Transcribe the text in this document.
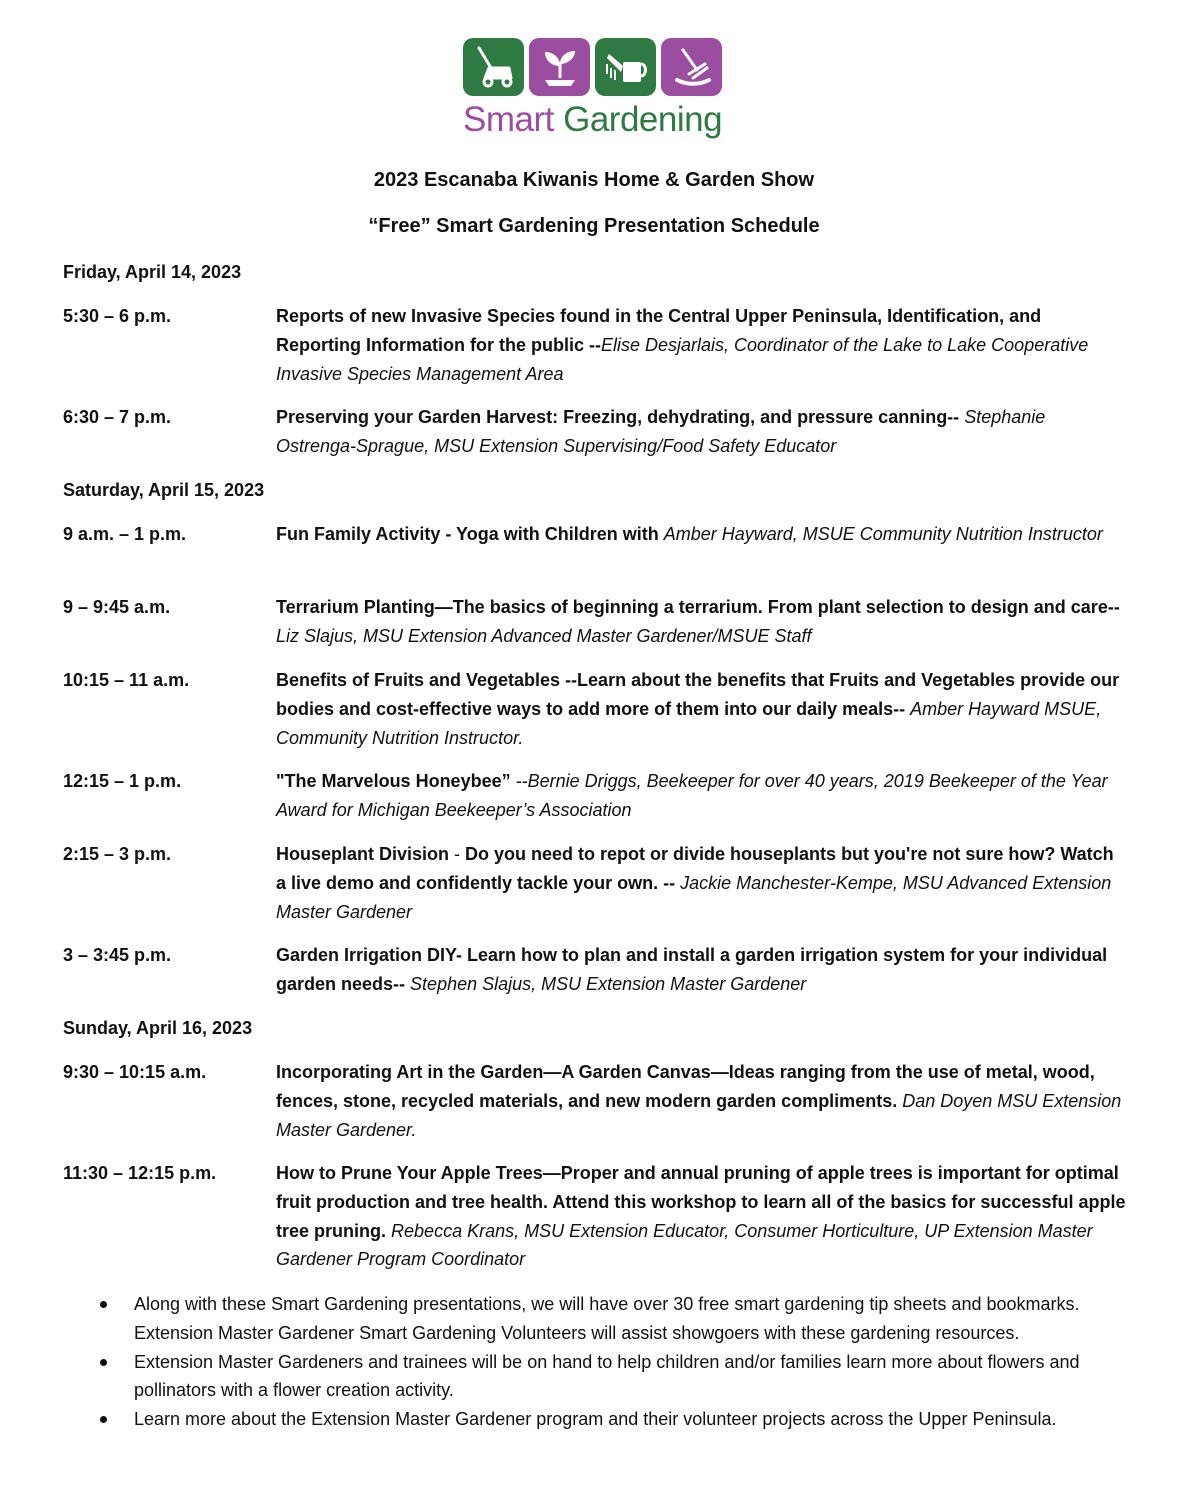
Smart Gardening
2023 Escanaba Kiwanis Home & Garden Show
“Free” Smart Gardening Presentation Schedule
Friday, April 14, 2023
5:30 – 6 p.m.	Reports of new Invasive Species found in the Central Upper Peninsula, Identification, and Reporting Information for the public --Elise Desjarlais, Coordinator of the Lake to Lake Cooperative Invasive Species Management Area
6:30 – 7 p.m.	Preserving your Garden Harvest: Freezing, dehydrating, and pressure canning-- Stephanie Ostrenga-Sprague, MSU Extension Supervising/Food Safety Educator
Saturday, April 15, 2023
9 a.m. – 1 p.m.	Fun Family Activity - Yoga with Children with Amber Hayward, MSUE Community Nutrition Instructor
9 – 9:45 a.m.	Terrarium Planting—The basics of beginning a terrarium. From plant selection to design and care-- Liz Slajus, MSU Extension Advanced Master Gardener/MSUE Staff
10:15 – 11 a.m.	Benefits of Fruits and Vegetables --Learn about the benefits that Fruits and Vegetables provide our bodies and cost-effective ways to add more of them into our daily meals-- Amber Hayward MSUE, Community Nutrition Instructor.
12:15 – 1 p.m.	"The Marvelous Honeybee” --Bernie Driggs, Beekeeper for over 40 years, 2019 Beekeeper of the Year Award for Michigan Beekeeper’s Association
2:15 – 3 p.m.	Houseplant Division - Do you need to repot or divide houseplants but you're not sure how? Watch a live demo and confidently tackle your own. -- Jackie Manchester-Kempe, MSU Advanced Extension Master Gardener
3 – 3:45 p.m.	Garden Irrigation DIY- Learn how to plan and install a garden irrigation system for your individual garden needs-- Stephen Slajus, MSU Extension Master Gardener
Sunday, April 16, 2023
9:30 – 10:15 a.m.	Incorporating Art in the Garden—A Garden Canvas—Ideas ranging from the use of metal, wood, fences, stone, recycled materials, and new modern garden compliments. Dan Doyen MSU Extension Master Gardener.
11:30 – 12:15 p.m.	How to Prune Your Apple Trees—Proper and annual pruning of apple trees is important for optimal fruit production and tree health. Attend this workshop to learn all of the basics for successful apple tree pruning. Rebecca Krans, MSU Extension Educator, Consumer Horticulture, UP Extension Master Gardener Program Coordinator
Along with these Smart Gardening presentations, we will have over 30 free smart gardening tip sheets and bookmarks. Extension Master Gardener Smart Gardening Volunteers will assist showgoers with these gardening resources.
Extension Master Gardeners and trainees will be on hand to help children and/or families learn more about flowers and pollinators with a flower creation activity.
Learn more about the Extension Master Gardener program and their volunteer projects across the Upper Peninsula.
